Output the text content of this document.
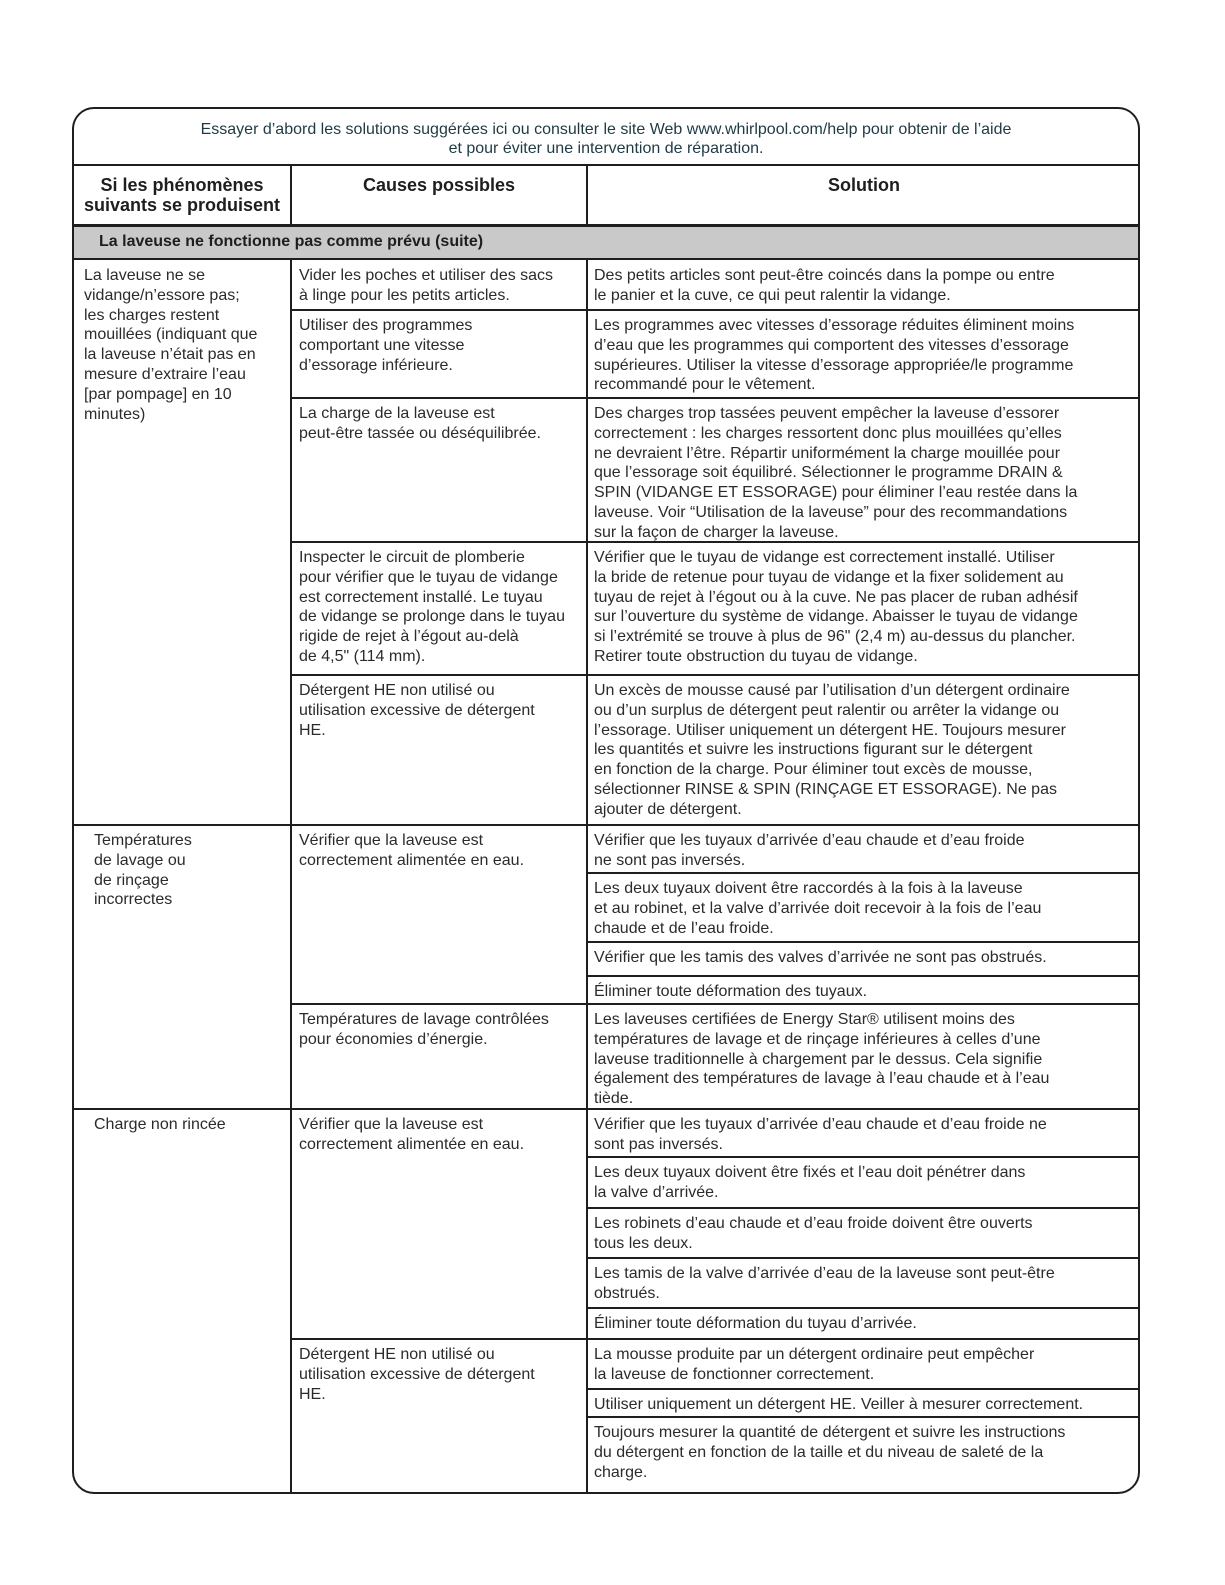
Essayer d’abord les solutions suggérées ici ou consulter le site Web www.whirlpool.com/help pour obtenir de l’aide
et pour éviter une intervention de réparation.
Si les phénomènes
suivants se produisent
Causes possibles	Solution
La laveuse ne fonctionne pas comme prévu (suite)
La laveuse ne se
vidange/n’essore pas;
les charges restent
mouillées (indiquant que
la laveuse n’était pas en
mesure d’extraire l’eau
[par pompage] en 10
minutes)
Vider les poches et utiliser des sacs
à linge pour les petits articles.
Des petits articles sont peut-être coincés dans la pompe ou entre
le panier et la cuve, ce qui peut ralentir la vidange.
Utiliser des programmes
comportant une vitesse
d’essorage inférieure.
Les programmes avec vitesses d’essorage réduites éliminent moins
d’eau que les programmes qui comportent des vitesses d’essorage
supérieures. Utiliser la vitesse d’essorage appropriée/le programme
recommandé pour le vêtement.
La charge de la laveuse est
peut-être tassée ou déséquilibrée.
Des charges trop tassées peuvent empêcher la laveuse d’essorer
correctement : les charges ressortent donc plus mouillées qu’elles
ne devraient l’être. Répartir uniformément la charge mouillée pour
que l’essorage soit équilibré. Sélectionner le programme DRAIN &
SPIN (VIDANGE ET ESSORAGE) pour éliminer l’eau restée dans la
laveuse. Voir “Utilisation de la laveuse” pour des recommandations
sur la façon de charger la laveuse.
Inspecter le circuit de plomberie
pour vérifier que le tuyau de vidange
est correctement installé. Le tuyau
de vidange se prolonge dans le tuyau
rigide de rejet à l’égout au-delà
de 4,5" (114 mm).
Vérifier que le tuyau de vidange est correctement installé. Utiliser
la bride de retenue pour tuyau de vidange et la fixer solidement au
tuyau de rejet à l’égout ou à la cuve. Ne pas placer de ruban adhésif
sur l’ouverture du système de vidange. Abaisser le tuyau de vidange
si l’extrémité se trouve à plus de 96" (2,4 m) au-dessus du plancher.
Retirer toute obstruction du tuyau de vidange.
Détergent HE non utilisé ou
utilisation excessive de détergent
HE.
Un excès de mousse causé par l’utilisation d’un détergent ordinaire
ou d’un surplus de détergent peut ralentir ou arrêter la vidange ou
l’essorage. Utiliser uniquement un détergent HE. Toujours mesurer
les quantités et suivre les instructions figurant sur le détergent
en fonction de la charge. Pour éliminer tout excès de mousse,
sélectionner RINSE & SPIN (RINÇAGE ET ESSORAGE). Ne pas
ajouter de détergent.
Températures
de lavage ou
de rinçage
incorrectes
Vérifier que la laveuse est
correctement alimentée en eau.
Vérifier que les tuyaux d’arrivée d’eau chaude et d’eau froide
ne sont pas inversés.
Les deux tuyaux doivent être raccordés à la fois à la laveuse
et au robinet, et la valve d’arrivée doit recevoir à la fois de l’eau
chaude et de l’eau froide.
Vérifier que les tamis des valves d’arrivée ne sont pas obstrués.
Éliminer toute déformation des tuyaux.
Températures de lavage contrôlées
pour économies d’énergie.
Les laveuses certifiées de Energy Star® utilisent moins des
températures de lavage et de rinçage inférieures à celles d’une
laveuse traditionnelle à chargement par le dessus. Cela signifie
également des températures de lavage à l’eau chaude et à l’eau
tiède.
Charge non rincée	Vérifier que la laveuse est
correctement alimentée en eau.
Vérifier que les tuyaux d’arrivée d’eau chaude et d’eau froide ne
sont pas inversés.
Les deux tuyaux doivent être fixés et l’eau doit pénétrer dans
la valve d’arrivée.
Les robinets d’eau chaude et d’eau froide doivent être ouverts
tous les deux.
Les tamis de la valve d’arrivée d’eau de la laveuse sont peut-être
obstrués.
Éliminer toute déformation du tuyau d’arrivée.
Détergent HE non utilisé ou
utilisation excessive de détergent
HE.
La mousse produite par un détergent ordinaire peut empêcher
la laveuse de fonctionner correctement.
Utiliser uniquement un détergent HE. Veiller à mesurer correctement.
Toujours mesurer la quantité de détergent et suivre les instructions
du détergent en fonction de la taille et du niveau de saleté de la
charge.
